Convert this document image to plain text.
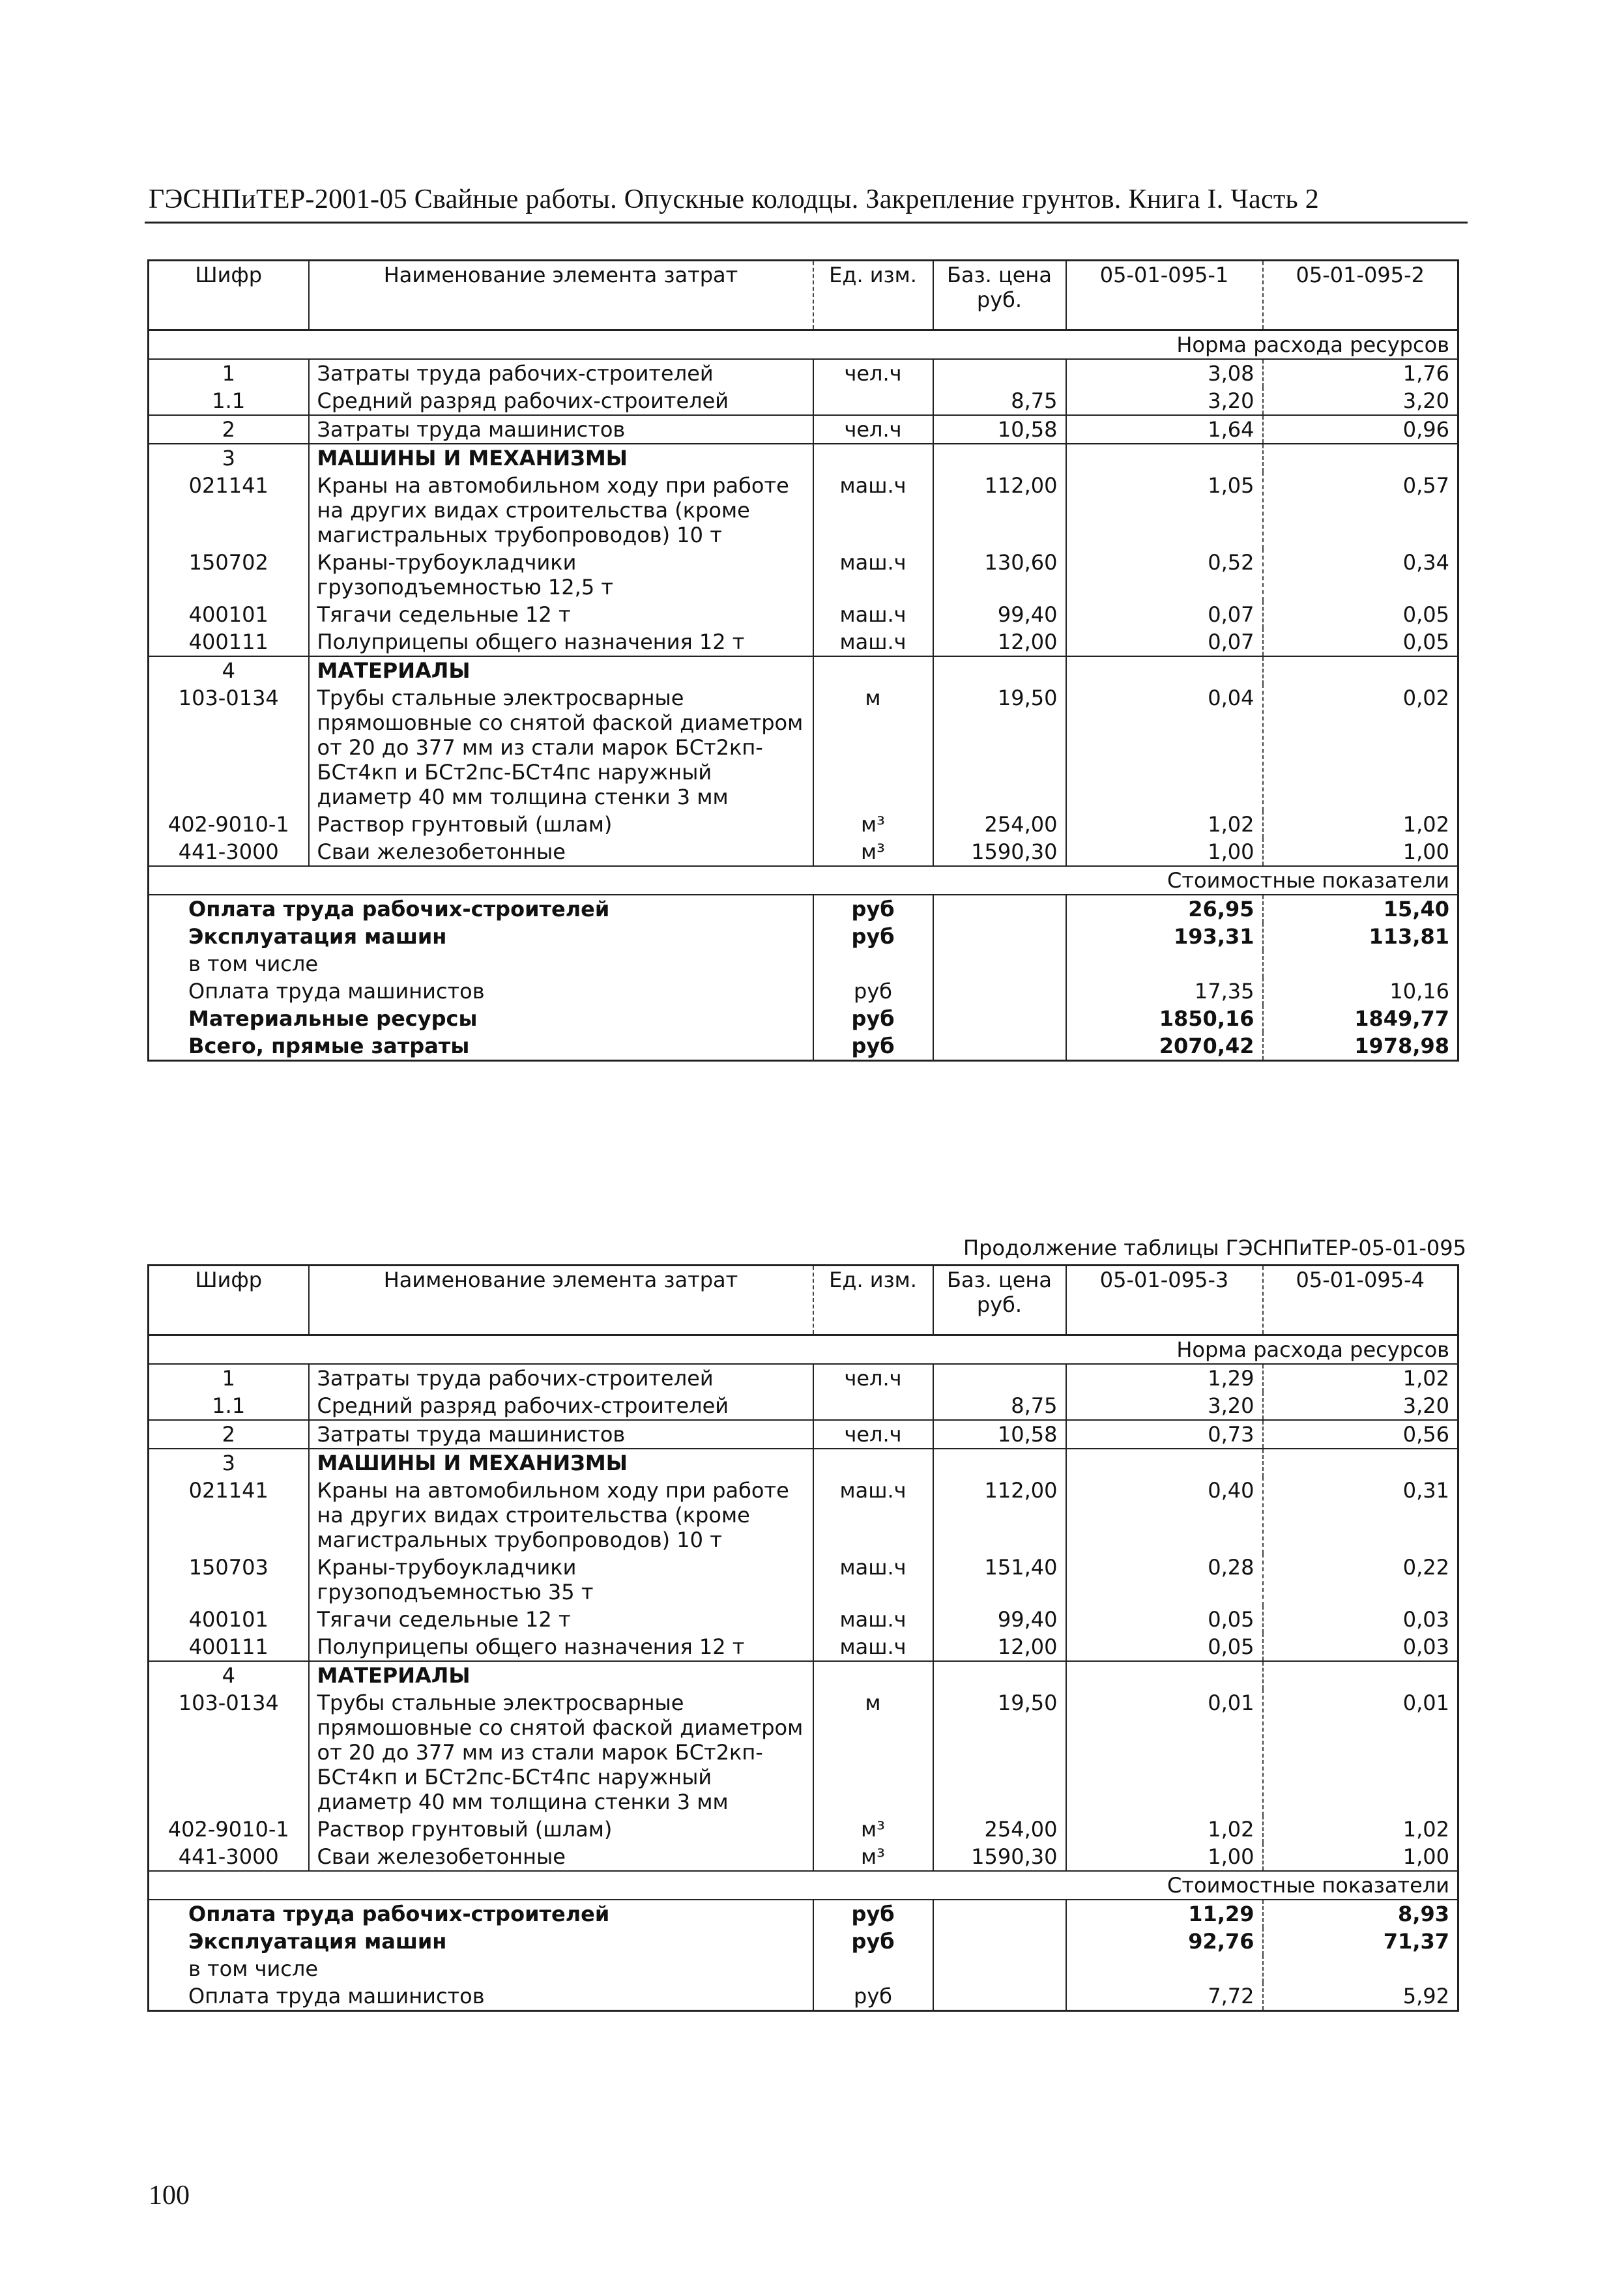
ГЭСНПиТЕР-2001-05 Свайные работы. Опускные колодцы. Закрепление грунтов. Книга I. Часть 2
Шифр	Наименование элемента затрат	Ед. изм.	Баз. цена руб.	05-01-095-1	05-01-095-2
Норма расхода ресурсов					
1	Затраты труда рабочих-строителей	чел.ч		3,08	1,76
1.1	Средний разряд рабочих-строителей		8,75	3,20	3,20
2	Затраты труда машинистов	чел.ч	10,58	1,64	0,96
3	МАШИНЫ И МЕХАНИЗМЫ				
021141	Краны на автомобильном ходу при работе на других видах строительства (кроме магистральных трубопроводов) 10 т	маш.ч	112,00	1,05	0,57
150702	Краны-трубоукладчики грузоподъемностью 12,5 т	маш.ч	130,60	0,52	0,34
400101	Тягачи седельные 12 т	маш.ч	99,40	0,07	0,05
400111	Полуприцепы общего назначения 12 т	маш.ч	12,00	0,07	0,05
4	МАТЕРИАЛЫ				
103-0134	Трубы стальные электросварные прямошовные со снятой фаской диаметром от 20 до 377 мм из стали марок БСт2кп-БСт4кп и БСт2пс-БСт4пс наружный диаметр 40 мм толщина стенки 3 мм	м	19,50	0,04	0,02
402-9010-1	Раствор грунтовый (шлам)	м³	254,00	1,02	1,02
441-3000	Сваи железобетонные	м³	1590,30	1,00	1,00
Стоимостные показатели					
Оплата труда рабочих-строителей		руб		26,95	15,40
Эксплуатация машин		руб		193,31	113,81
в том числе					
Оплата труда машинистов		руб		17,35	10,16
Материальные ресурсы		руб		1850,16	1849,77
Всего, прямые затраты		руб		2070,42	1978,98
Продолжение таблицы ГЭСНПиТЕР-05-01-095
Шифр	Наименование элемента затрат	Ед. изм.	Баз. цена руб.	05-01-095-3	05-01-095-4
Норма расхода ресурсов					
1	Затраты труда рабочих-строителей	чел.ч		1,29	1,02
1.1	Средний разряд рабочих-строителей		8,75	3,20	3,20
2	Затраты труда машинистов	чел.ч	10,58	0,73	0,56
3	МАШИНЫ И МЕХАНИЗМЫ				
021141	Краны на автомобильном ходу при работе на других видах строительства (кроме магистральных трубопроводов) 10 т	маш.ч	112,00	0,40	0,31
150703	Краны-трубоукладчики грузоподъемностью 35 т	маш.ч	151,40	0,28	0,22
400101	Тягачи седельные 12 т	маш.ч	99,40	0,05	0,03
400111	Полуприцепы общего назначения 12 т	маш.ч	12,00	0,05	0,03
4	МАТЕРИАЛЫ				
103-0134	Трубы стальные электросварные прямошовные со снятой фаской диаметром от 20 до 377 мм из стали марок БСт2кп-БСт4кп и БСт2пс-БСт4пс наружный диаметр 40 мм толщина стенки 3 мм	м	19,50	0,01	0,01
402-9010-1	Раствор грунтовый (шлам)	м³	254,00	1,02	1,02
441-3000	Сваи железобетонные	м³	1590,30	1,00	1,00
Стоимостные показатели					
Оплата труда рабочих-строителей		руб		11,29	8,93
Эксплуатация машин		руб		92,76	71,37
в том числе					
Оплата труда машинистов		руб		7,72	5,92
100
